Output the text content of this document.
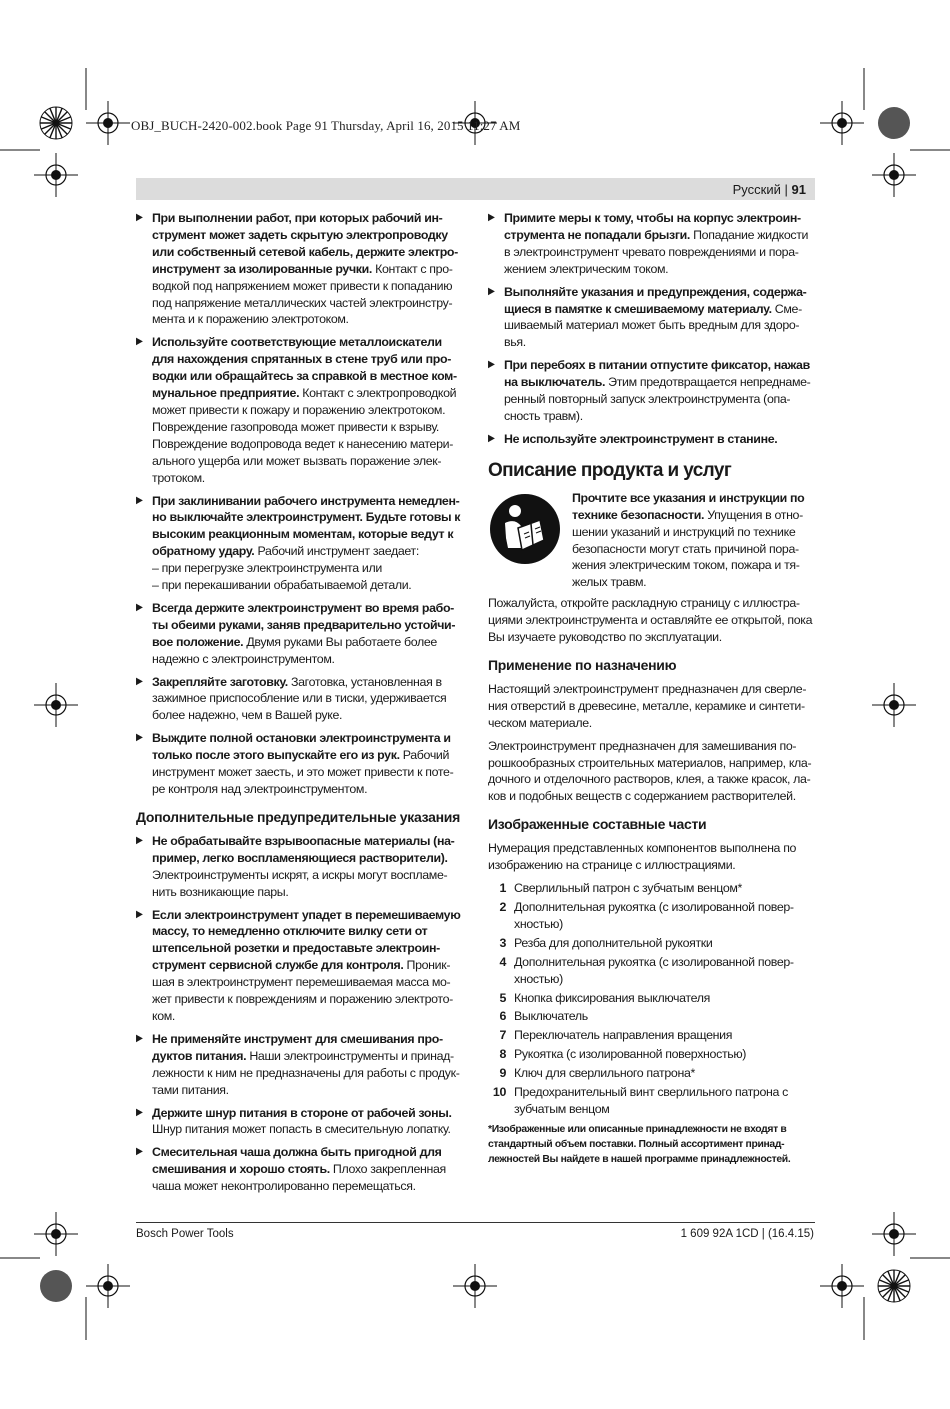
OBJ_BUCH-2420-002.book Page 91 Thursday, April 16, 2015 11:27 AM
Русский | 91
▶ При выполнении работ, при которых рабочий инструмент может задеть скрытую электропроводку или собственный сетевой кабель, держите электроинструмент за изолированные ручки. Контакт с проводкой под напряжением может привести к попаданию под напряжение металлических частей электроинструмента и к поражению электротоком.
▶ Используйте соответствующие металлоискатели для нахождения спрятанных в стене труб или проводки или обращайтесь за справкой в местное коммунальное предприятие. Контакт с электропроводкой может привести к пожару и поражению электротоком. Повреждение газопровода может привести к взрыву. Повреждение водопровода ведет к нанесению материального ущерба или может вызвать поражение электротоком.
▶ При заклинивании рабочего инструмента немедленно выключайте электроинструмент. Будьте готовы к высоким реакционным моментам, которые ведут к обратному удару. Рабочий инструмент заедает:
– при перегрузке электроинструмента или
– при перекашивании обрабатываемой детали.
▶ Всегда держите электроинструмент во время работы обеими руками, заняв предварительно устойчивое положение. Двумя руками Вы работаете более надежно с электроинструментом.
▶ Закрепляйте заготовку. Заготовка, установленная в зажимное приспособление или в тиски, удерживается более надежно, чем в Вашей руке.
▶ Выждите полной остановки электроинструмента и только после этого выпускайте его из рук. Рабочий инструмент может заесть, и это может привести к потере контроля над электроинструментом.
Дополнительные предупредительные указания
▶ Не обрабатывайте взрывоопасные материалы (например, легко воспламеняющиеся растворители). Электроинструменты искрят, а искры могут воспламенить возникающие пары.
▶ Если электроинструмент упадет в перемешиваемую массу, то немедленно отключите вилку сети от штепсельной розетки и предоставьте электроинструмент сервисной службе для контроля. Проникшая в электроинструмент перемешиваемая масса может привести к повреждениям и поражению электротоком.
▶ Не применяйте инструмент для смешивания продуктов питания. Наши электроинструменты и принадлежности к ним не предназначены для работы с продуктами питания.
▶ Держите шнур питания в стороне от рабочей зоны. Шнур питания может попасть в смесительную лопатку.
▶ Смесительная чаша должна быть пригодной для смешивания и хорошо стоять. Плохо закрепленная чаша может неконтролированно перемещаться.
▶ Примите меры к тому, чтобы на корпус электроинструмента не попадали брызги. Попадание жидкости в электроинструмент чревато повреждениями и поражением электрическим током.
▶ Выполняйте указания и предупреждения, содержащиеся в памятке к смешиваемому материалу. Смешиваемый материал может быть вредным для здоровья.
▶ При перебоях в питании отпустите фиксатор, нажав на выключатель. Этим предотвращается непреднамеренный повторный запуск электроинструмента (опасность травм).
▶ Не используйте электроинструмент в станине.
Описание продукта и услуг
Прочтите все указания и инструкции по технике безопасности. Упущения в отношении указаний и инструкций по технике безопасности могут стать причиной поражения электрическим током, пожара и тяжелых травм.
Пожалуйста, откройте раскладную страницу с иллюстрациями электроинструмента и оставляйте ее открытой, пока Вы изучаете руководство по эксплуатации.
Применение по назначению
Настоящий электроинструмент предназначен для сверления отверстий в древесине, металле, керамике и синтетическом материале.
Электроинструмент предназначен для замешивания порошкообразных строительных материалов, например, кладочного и отделочного растворов, клея, а также красок, лаков и подобных веществ с содержанием растворителей.
Изображенные составные части
Нумерация представленных компонентов выполнена по изображению на странице с иллюстрациями.
1 Сверлильный патрон с зубчатым венцом*
2 Дополнительная рукоятка (с изолированной поверхностью)
3 Резба для дополнительной рукоятки
4 Дополнительная рукоятка (с изолированной поверхностью)
5 Кнопка фиксирования выключателя
6 Выключатель
7 Переключатель направления вращения
8 Рукоятка (с изолированной поверхностью)
9 Ключ для сверлильного патрона*
10 Предохранительный винт сверлильного патрона с зубчатым венцом
*Изображенные или описанные принадлежности не входят в стандартный объем поставки. Полный ассортимент принадлежностей Вы найдете в нашей программе принадлежностей.
Bosch Power Tools	1 609 92A 1CD | (16.4.15)
